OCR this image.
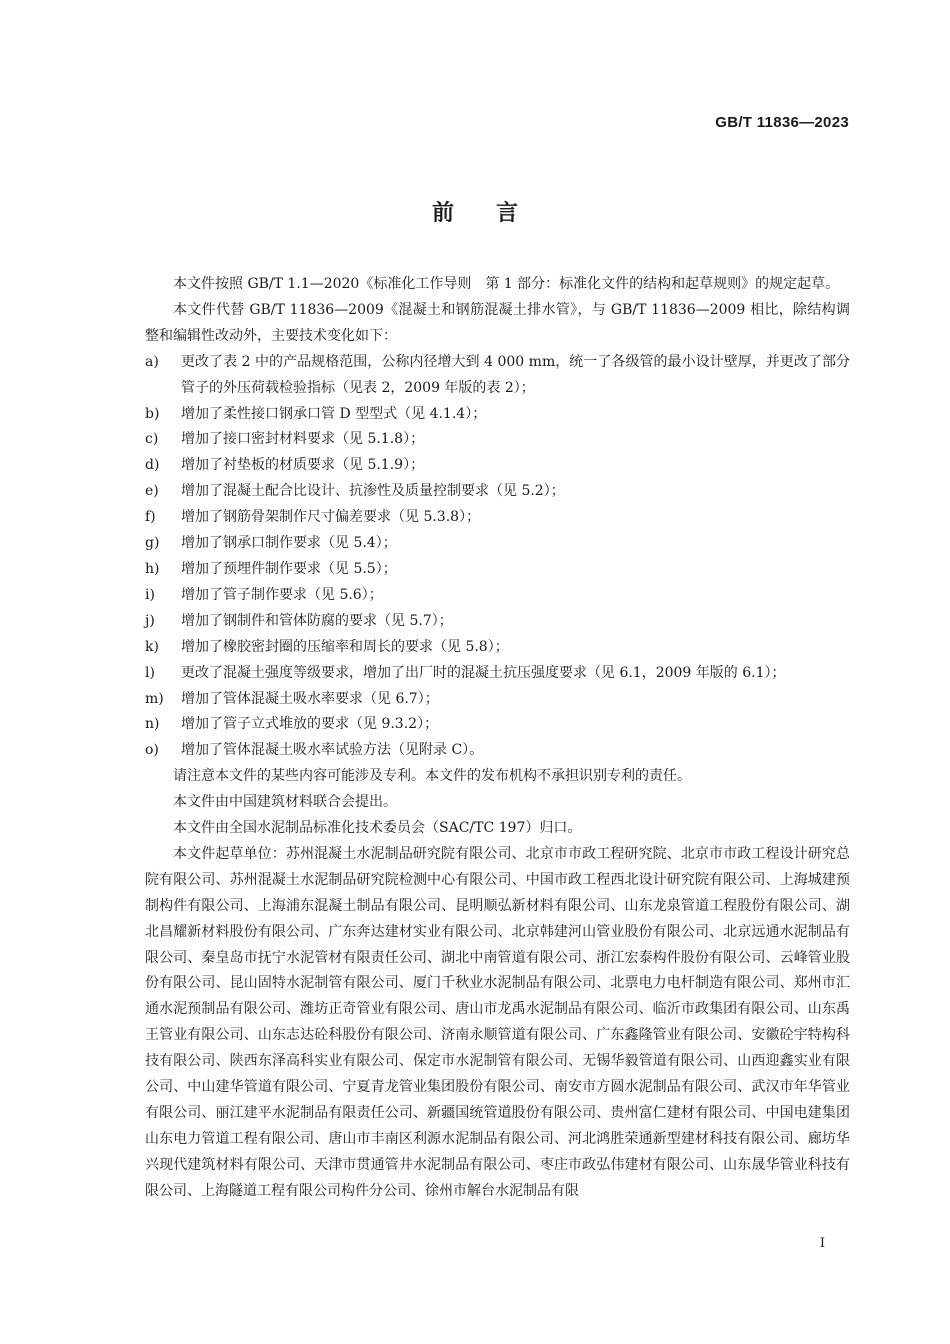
GB/T 11836—2023
前 言

本文件按照 GB/T 1.1—2020《标准化工作导则　第 1 部分：标准化文件的结构和起草规则》的规定起草。

本文件代替 GB/T 11836—2009《混凝土和钢筋混凝土排水管》，与 GB/T 11836—2009 相比，除结构调整和编辑性改动外，主要技术变化如下：

a) 更改了表 2 中的产品规格范围，公称内径增大到 4 000 mm，统一了各级管的最小设计壁厚，并更改了部分管子的外压荷载检验指标（见表 2，2009 年版的表 2）；
b) 增加了柔性接口钢承口管 D 型型式（见 4.1.4）；
c) 增加了接口密封材料要求（见 5.1.8）；
d) 增加了衬垫板的材质要求（见 5.1.9）；
e) 增加了混凝土配合比设计、抗渗性及质量控制要求（见 5.2）；
f) 增加了钢筋骨架制作尺寸偏差要求（见 5.3.8）；
g) 增加了钢承口制作要求（见 5.4）；
h) 增加了预埋件制作要求（见 5.5）；
i) 增加了管子制作要求（见 5.6）；
j) 增加了钢制件和管体防腐的要求（见 5.7）；
k) 增加了橡胶密封圈的压缩率和周长的要求（见 5.8）；
l) 更改了混凝土强度等级要求，增加了出厂时的混凝土抗压强度要求（见 6.1，2009 年版的 6.1）；
m) 增加了管体混凝土吸水率要求（见 6.7）；
n) 增加了管子立式堆放的要求（见 9.3.2）；
o) 增加了管体混凝土吸水率试验方法（见附录 C）。

请注意本文件的某些内容可能涉及专利。本文件的发布机构不承担识别专利的责任。

本文件由中国建筑材料联合会提出。

本文件由全国水泥制品标准化技术委员会（SAC/TC 197）归口。

本文件起草单位：苏州混凝土水泥制品研究院有限公司、北京市市政工程研究院、北京市市政工程设计研究总院有限公司、苏州混凝土水泥制品研究院检测中心有限公司、中国市政工程西北设计研究院有限公司、上海城建预制构件有限公司、上海浦东混凝土制品有限公司、昆明顺弘新材料有限公司、山东龙泉管道工程股份有限公司、湖北昌耀新材料股份有限公司、广东奔达建材实业有限公司、北京韩建河山管业股份有限公司、北京远通水泥制品有限公司、秦皇岛市抚宁水泥管材有限责任公司、湖北中南管道有限公司、浙江宏泰构件股份有限公司、云峰管业股份有限公司、昆山固特水泥制管有限公司、厦门千秋业水泥制品有限公司、北票电力电杆制造有限公司、郑州市汇通水泥预制品有限公司、潍坊正奇管业有限公司、唐山市龙禹水泥制品有限公司、临沂市政集团有限公司、山东禹王管业有限公司、山东志达砼科股份有限公司、济南永顺管道有限公司、广东鑫隆管业有限公司、安徽砼宇特构科技有限公司、陕西东泽高科实业有限公司、保定市水泥制管有限公司、无锡华毅管道有限公司、山西迎鑫实业有限公司、中山建华管道有限公司、宁夏青龙管业集团股份有限公司、南安市方圆水泥制品有限公司、武汉市年华管业有限公司、丽江建平水泥制品有限责任公司、新疆国统管道股份有限公司、贵州富仁建材有限公司、中国电建集团山东电力管道工程有限公司、唐山市丰南区利源水泥制品有限公司、河北鸿胜荣通新型建材科技有限公司、廊坊华兴现代建筑材料有限公司、天津市贯通管井水泥制品有限公司、枣庄市政弘伟建材有限公司、山东晟华管业科技有限公司、上海隧道工程有限公司构件分公司、徐州市解台水泥制品有限

I
